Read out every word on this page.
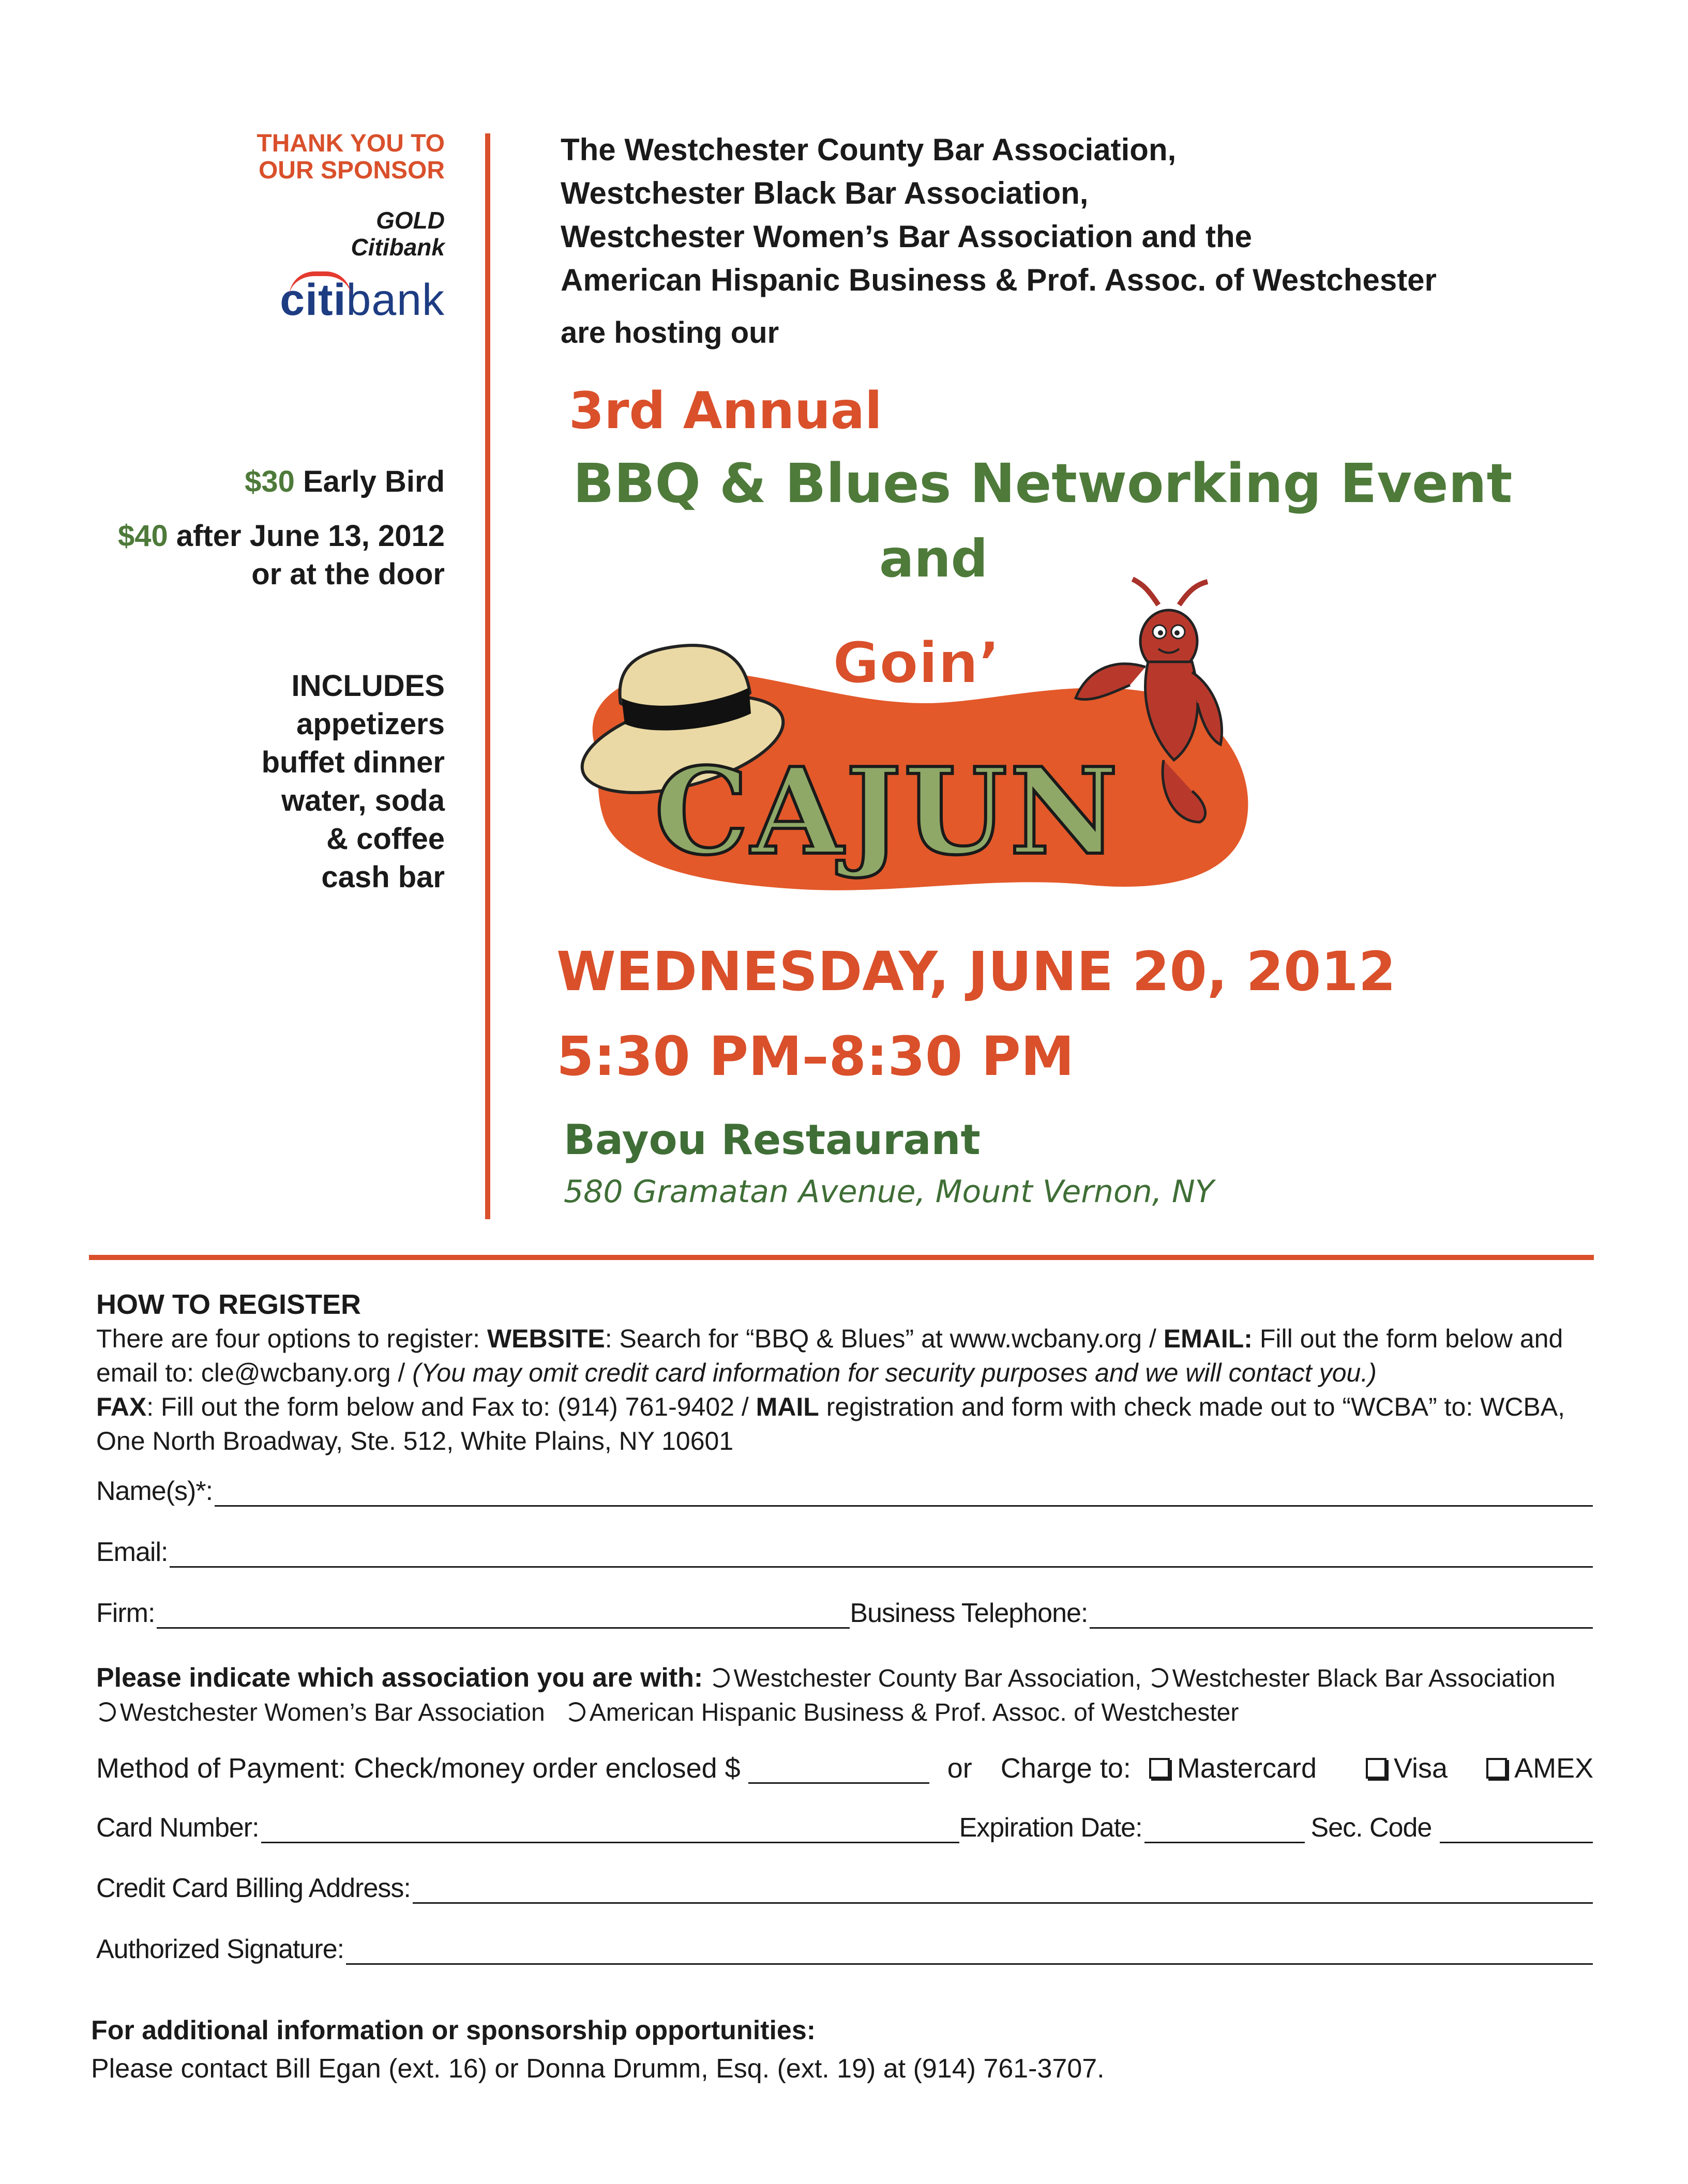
THANK YOU TO
OUR SPONSOR
GOLD
Citibank
citibank
$30 Early Bird
$40 after June 13, 2012
or at the door
INCLUDES
appetizers
buffet dinner
water, soda
& coffee
cash bar
The Westchester County Bar Association,
Westchester Black Bar Association,
Westchester Women’s Bar Association and the
American Hispanic Business & Prof. Assoc. of Westchester
are hosting our
3rd Annual
BBQ & Blues Networking Event
and
Goin’
CAJUN
WEDNESDAY, JUNE 20, 2012
5:30 PM–8:30 PM
Bayou Restaurant
580 Gramatan Avenue, Mount Vernon, NY
HOW TO REGISTER
There are four options to register: WEBSITE: Search for “BBQ & Blues” at www.wcbany.org / EMAIL: Fill out the form below and email to: cle@wcbany.org / (You may omit credit card information for security purposes and we will contact you.)
FAX: Fill out the form below and Fax to: (914) 761-9402 / MAIL registration and form with check made out to “WCBA” to: WCBA, One North Broadway, Ste. 512, White Plains, NY 10601
Name(s)*:
Email:
Firm:	Business Telephone:
Please indicate which association you are with: Westchester County Bar Association, Westchester Black Bar Association
Westchester Women’s Bar Association American Hispanic Business & Prof. Assoc. of Westchester
Method of Payment: Check/money order enclosed $	or Charge to: Mastercard	Visa AMEX
Card Number:	Expiration Date:	Sec. Code
Credit Card Billing Address:
Authorized Signature:
For additional information or sponsorship opportunities:
Please contact Bill Egan (ext. 16) or Donna Drumm, Esq. (ext. 19) at (914) 761-3707.
